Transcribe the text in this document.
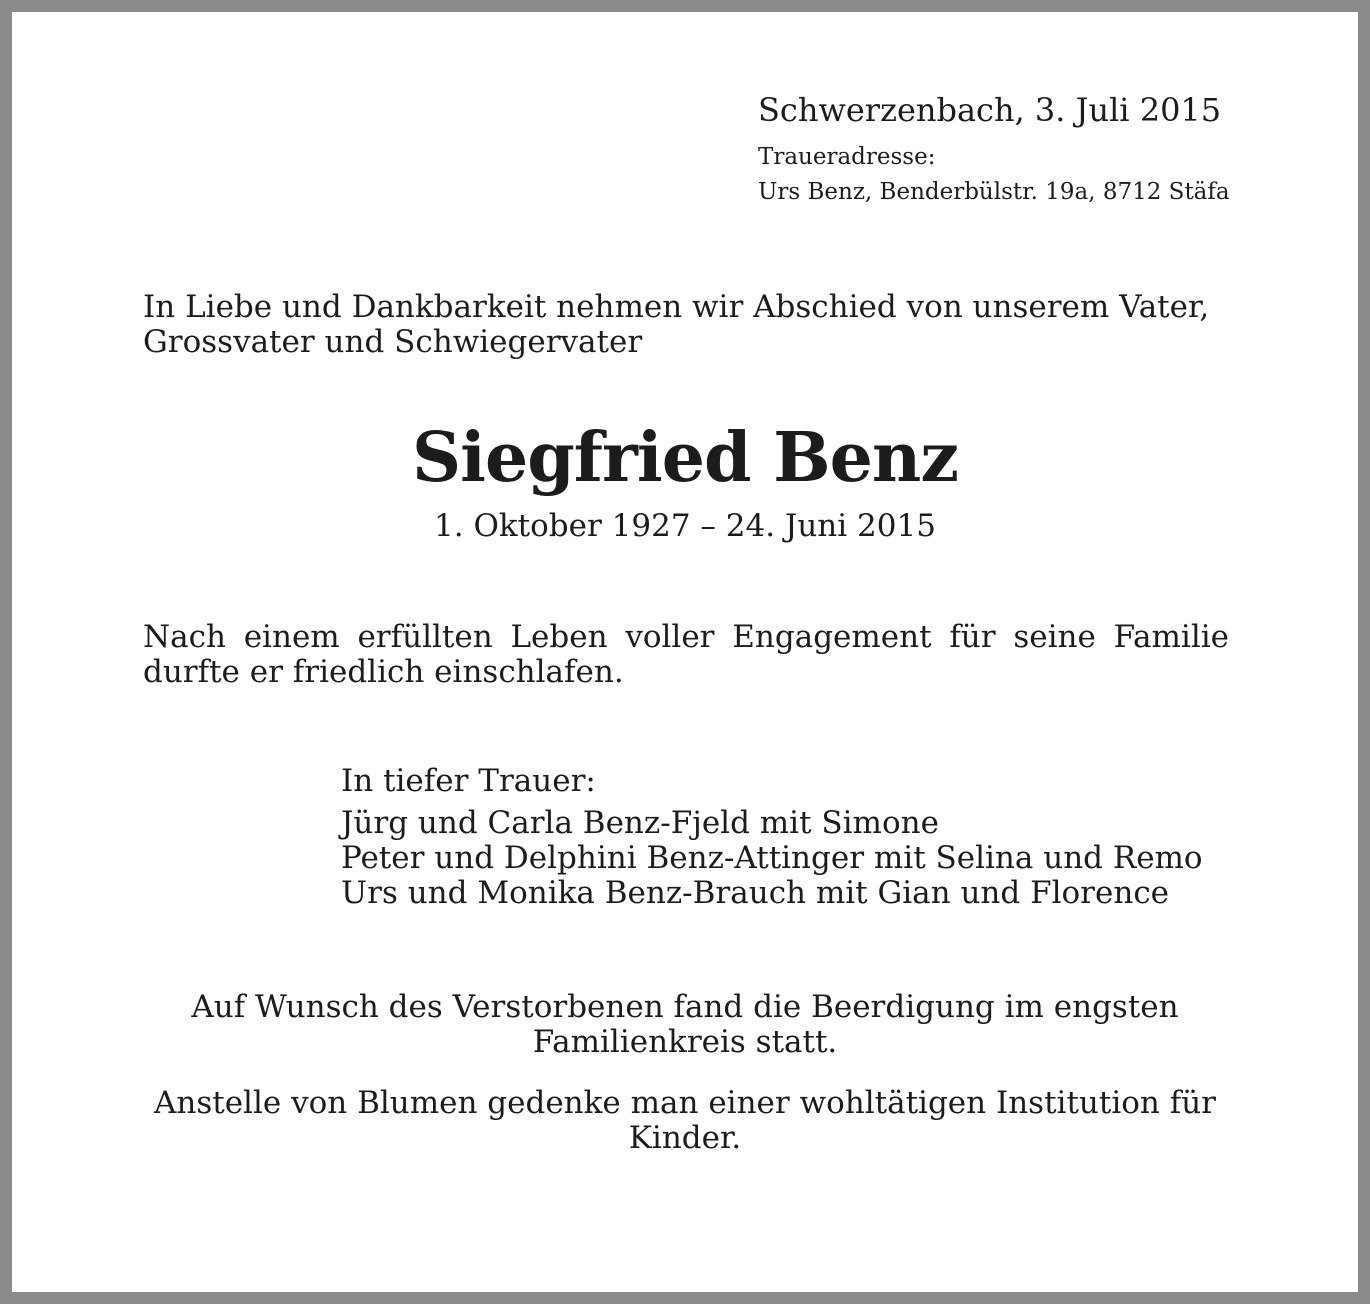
Schwerzenbach, 3. Juli 2015

Traueradresse:

Urs Benz, Benderbülstr. 19a, 8712 Stäfa

In Liebe und Dankbarkeit nehmen wir Abschied von unserem Vater,
Grossvater und Schwiegervater
Siegfried Benz

1. Oktober 1927 – 24. Juni 2015

Nach einem erfüllten Leben voller Engagement für seine Familie
durfte er friedlich einschlafen.

In tiefer Trauer:

Jürg und Carla Benz-Fjeld mit Simone
Peter und Delphini Benz-Attinger mit Selina und Remo
Urs und Monika Benz-Brauch mit Gian und Florence
Auf Wunsch des Verstorbenen fand die Beerdigung im engsten
Familienkreis statt.
Anstelle von Blumen gedenke man einer wohltätigen Institution für
Kinder.
